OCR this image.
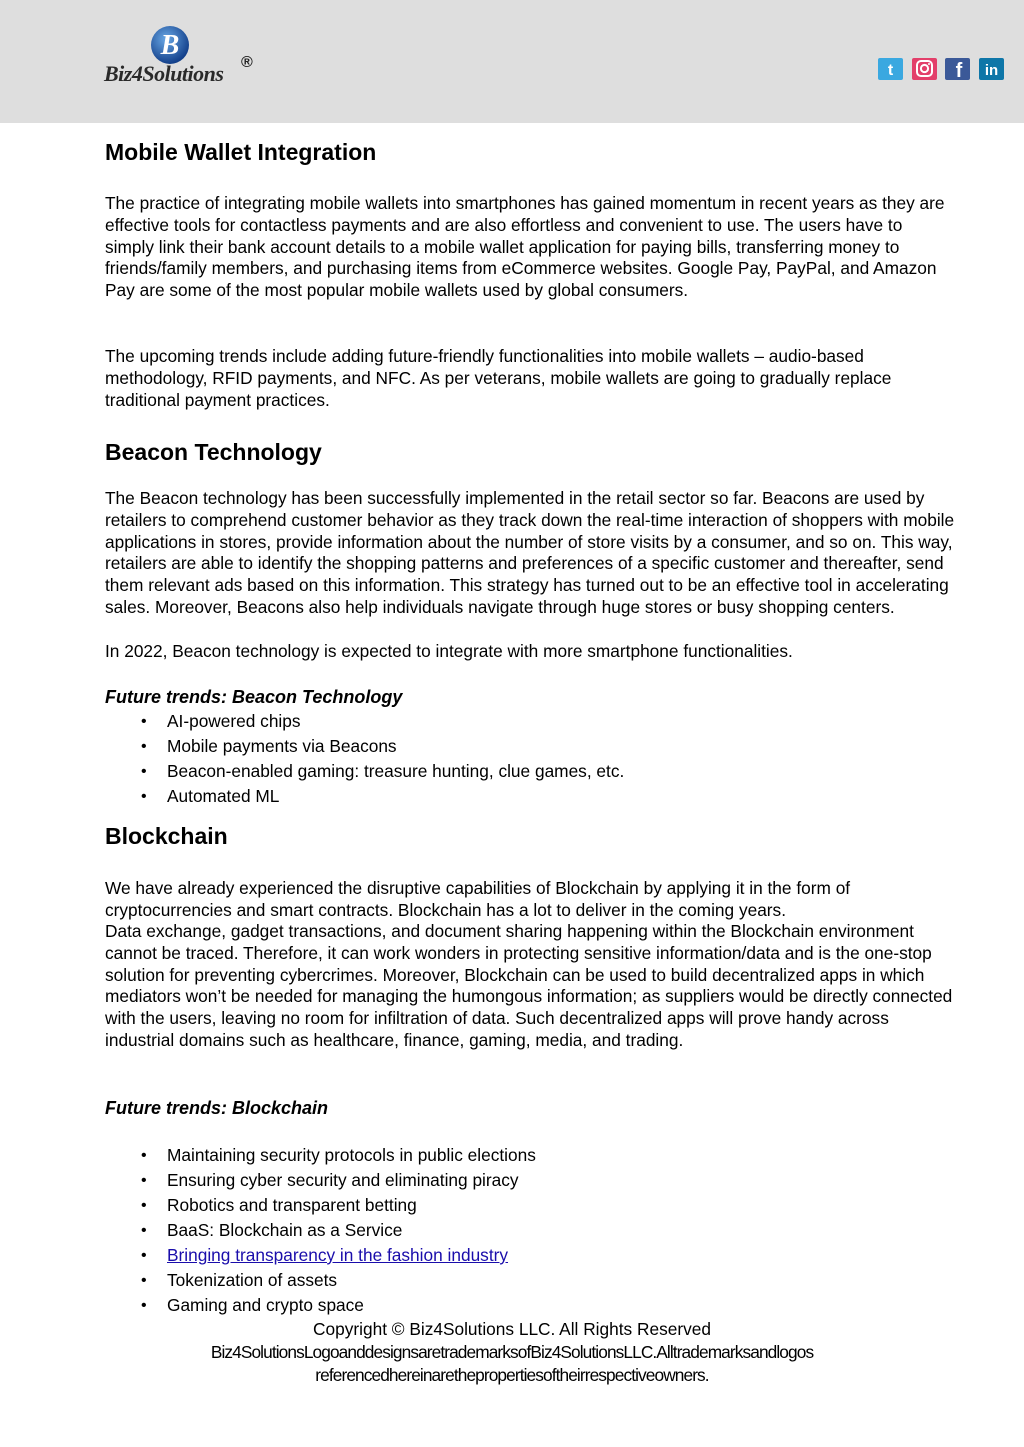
B
Biz4Solutions ®	t	f in
Mobile Wallet Integration

The practice of integrating mobile wallets into smartphones has gained momentum in recent years as they are effective tools for contactless payments and are also effortless and convenient to use. The users have to simply link their bank account details to a mobile wallet application for paying bills, transferring money to friends/family members, and purchasing items from eCommerce websites. Google Pay, PayPal, and Amazon Pay are some of the most popular mobile wallets used by global consumers.

The upcoming trends include adding future-friendly functionalities into mobile wallets – audio-based methodology, RFID payments, and NFC. As per veterans, mobile wallets are going to gradually replace traditional payment practices.

Beacon Technology

The Beacon technology has been successfully implemented in the retail sector so far. Beacons are used by retailers to comprehend customer behavior as they track down the real-time interaction of shoppers with mobile applications in stores, provide information about the number of store visits by a consumer, and so on. This way, retailers are able to identify the shopping patterns and preferences of a specific customer and thereafter, send them relevant ads based on this information. This strategy has turned out to be an effective tool in accelerating sales. Moreover, Beacons also help individuals navigate through huge stores or busy shopping centers.

In 2022, Beacon technology is expected to integrate with more smartphone functionalities.

Future trends: Beacon Technology
• AI-powered chips
• Mobile payments via Beacons
• Beacon-enabled gaming: treasure hunting, clue games, etc.
• Automated ML
Blockchain

We have already experienced the disruptive capabilities of Blockchain by applying it in the form of cryptocurrencies and smart contracts. Blockchain has a lot to deliver in the coming years.

Data exchange, gadget transactions, and document sharing happening within the Blockchain environment cannot be traced. Therefore, it can work wonders in protecting sensitive information/data and is the one-stop solution for preventing cybercrimes. Moreover, Blockchain can be used to build decentralized apps in which mediators won’t be needed for managing the humongous information; as suppliers would be directly connected with the users, leaving no room for infiltration of data. Such decentralized apps will prove handy across industrial domains such as healthcare, finance, gaming, media, and trading.

Future trends: Blockchain
• Maintaining security protocols in public elections
• Ensuring cyber security and eliminating piracy
• Robotics and transparent betting
• BaaS: Blockchain as a Service
• Bringing transparency in the fashion industry
• Tokenization of assets
• Gaming and crypto space
Copyright © Biz4Solutions LLC. All Rights Reserved
Biz4SolutionsLogoanddesignsaretrademarksofBiz4SolutionsLLC.Alltrademarksandlogos
referencedhereinarethepropertiesoftheirrespectiveowners.
